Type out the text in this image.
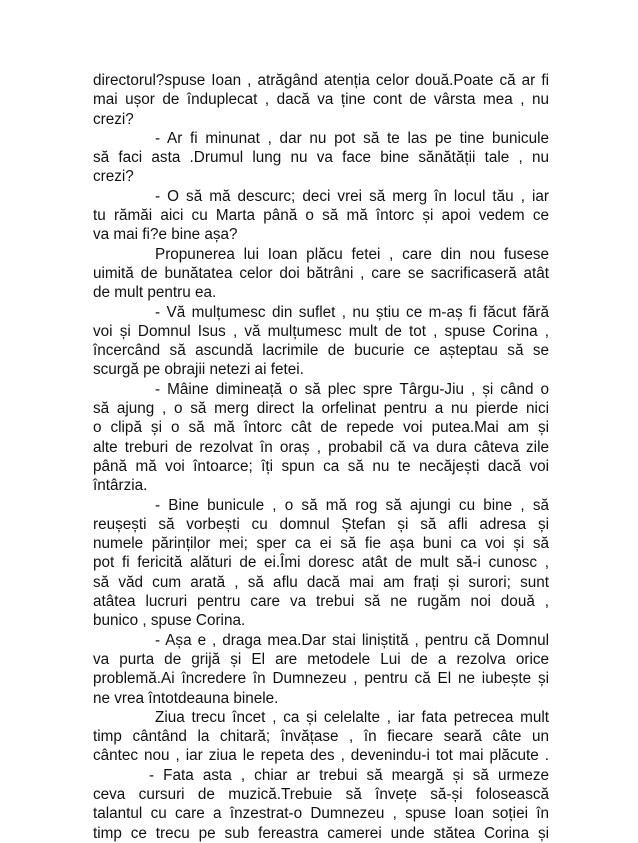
directorul?spuse Ioan , atrăgând atenția celor două.Poate că ar fi
mai ușor de înduplecat , dacă va ține cont de vârsta mea , nu
crezi?
- Ar fi minunat , dar nu pot să te las pe tine bunicule
să faci asta .Drumul lung nu va face bine sănătății tale , nu
crezi?
- O să mă descurc; deci vrei să merg în locul tău , iar
tu rămăi aici cu Marta până o să mă întorc și apoi vedem ce
va mai fi?e bine așa?
Propunerea lui Ioan plăcu fetei , care din nou fusese
uimită de bunătatea celor doi bătrâni , care se sacrificaseră atât
de mult pentru ea.
- Vă mulțumesc din suflet , nu știu ce m-aș fi făcut fără
voi și Domnul Isus , vă mulțumesc mult de tot , spuse Corina ,
încercând să ascundă lacrimile de bucurie ce așteptau să se
scurgă pe obrajii netezi ai fetei.
- Mâine dimineață o să plec spre Târgu-Jiu , și când o
să ajung , o să merg direct la orfelinat pentru a nu pierde nici
o clipă și o să mă întorc cât de repede voi putea.Mai am și
alte treburi de rezolvat în oraș , probabil că va dura câteva zile
până mă voi întoarce; îți spun ca să nu te necăjești dacă voi
întârzia.
- Bine bunicule , o să mă rog să ajungi cu bine , să
reușești să vorbești cu domnul Ștefan și să afli adresa și
numele părinților mei; sper ca ei să fie așa buni ca voi și să
pot fi fericită alături de ei.Îmi doresc atât de mult să-i cunosc ,
să văd cum arată , să aflu dacă mai am frați și surori; sunt
atâtea lucruri pentru care va trebui să ne rugăm noi două ,
bunico , spuse Corina.
- Așa e , draga mea.Dar stai liniștită , pentru că Domnul
va purta de grijă și El are metodele Lui de a rezolva orice
problemă.Ai încredere în Dumnezeu , pentru că El ne iubește și
ne vrea întotdeauna binele.
Ziua trecu încet , ca și celelalte , iar fata petrecea mult
timp cântând la chitară; învățase , în fiecare seară câte un
cântec nou , iar ziua le repeta des , devenindu-i tot mai plăcute .
- Fata asta , chiar ar trebui să meargă și să urmeze
ceva cursuri de muzică.Trebuie să învețe să-și folosească
talantul cu care a înzestrat-o Dumnezeu , spuse Ioan soției în
timp ce trecu pe sub fereastra camerei unde stătea Corina și
